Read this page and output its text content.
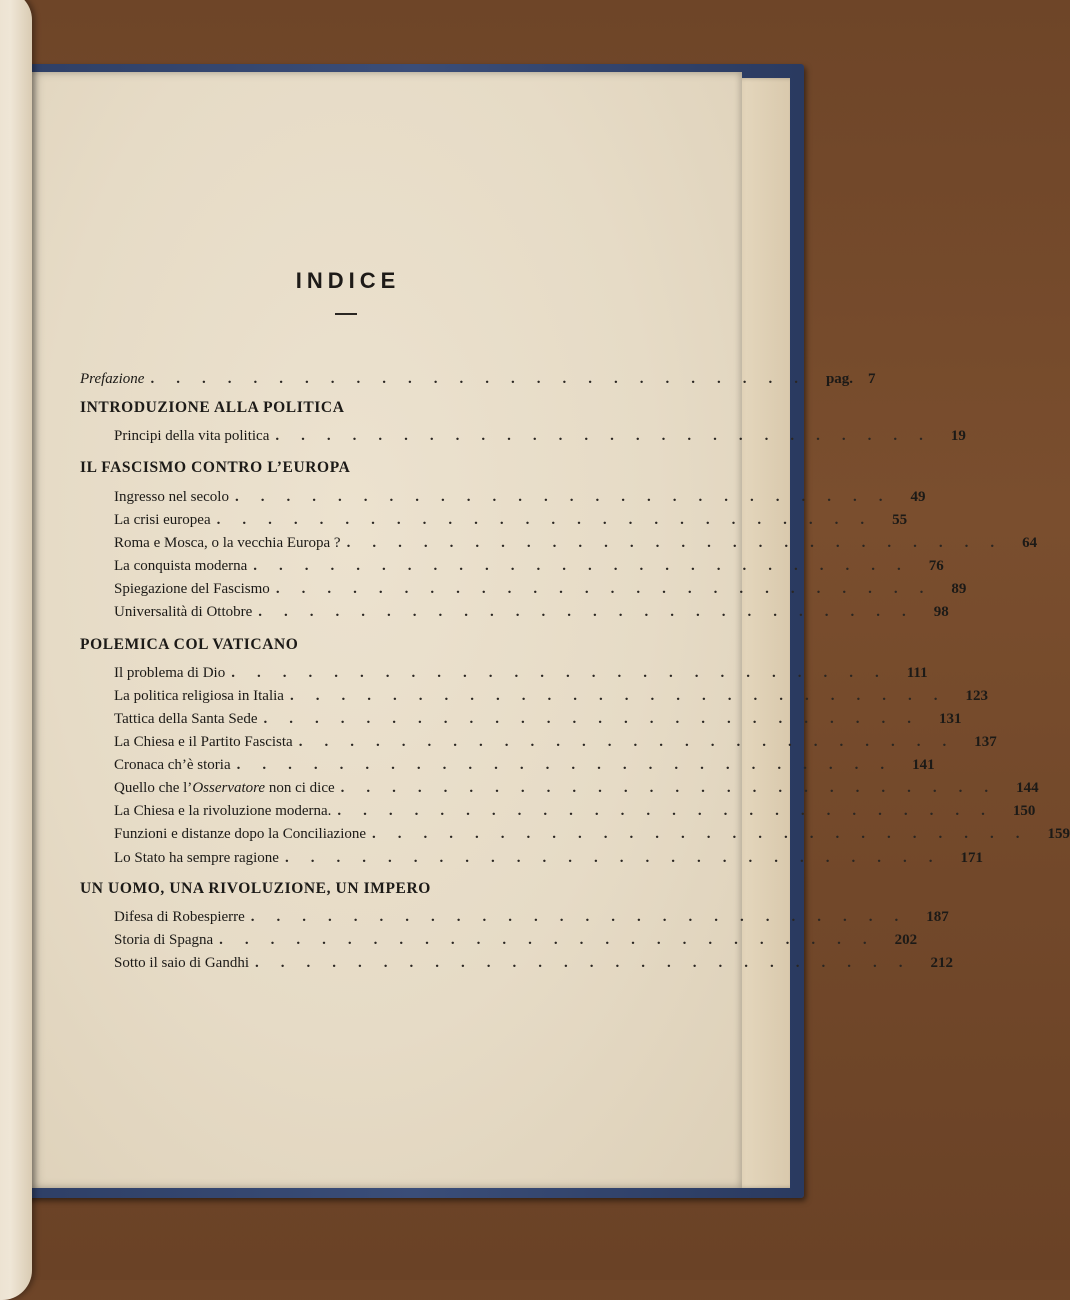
INDICE
Prefazione .......................... pag. 7
INTRODUZIONE ALLA POLITICA
Principi della vita politica .......................... 19
IL FASCISMO CONTRO L’EUROPA
Ingresso nel secolo .......................... 49
La crisi europea .......................... 55
Roma e Mosca, o la vecchia Europa ? .......................... 64
La conquista moderna .......................... 76
Spiegazione del Fascismo .......................... 89
Universalità di Ottobre .......................... 98
POLEMICA COL VATICANO
Il problema di Dio .......................... 111
La politica religiosa in Italia .......................... 123
Tattica della Santa Sede .......................... 131
La Chiesa e il Partito Fascista .......................... 137
Cronaca ch’è storia .......................... 141
Quello che l’Osservatore non ci dice .......................... 144
La Chiesa e la rivoluzione moderna. .......................... 150
Funzioni e distanze dopo la Conciliazione .......................... 159
Lo Stato ha sempre ragione .......................... 171
UN UOMO, UNA RIVOLUZIONE, UN IMPERO
Difesa di Robespierre .......................... 187
Storia di Spagna .......................... 202
Sotto il saio di Gandhi .......................... 212
